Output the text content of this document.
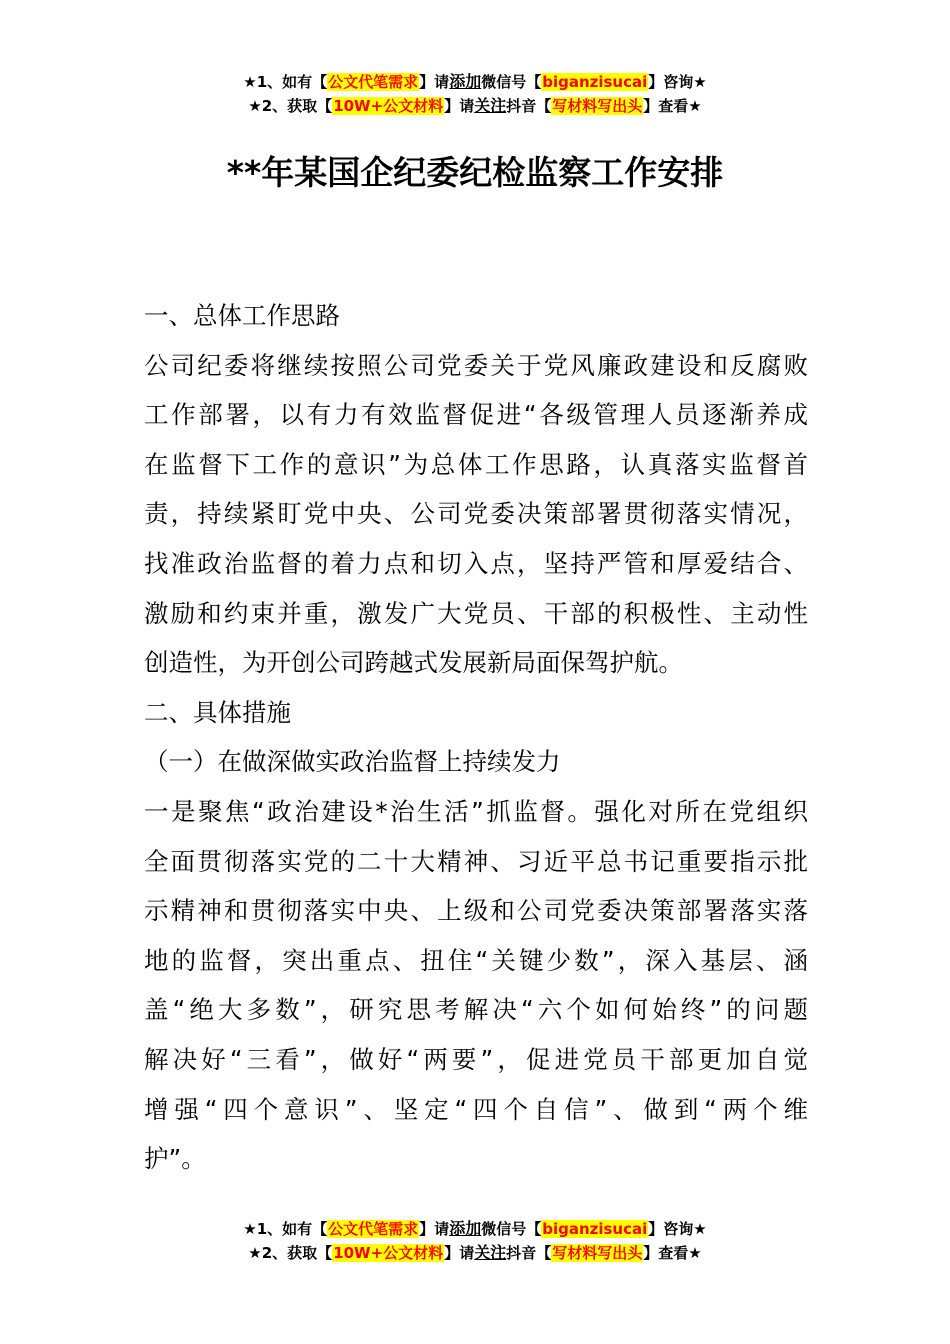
★1、如有【公文代笔需求】请添加微信号【biganzisucai】咨询★
★2、获取【10W+公文材料】请关注抖音【写材料写出头】查看★
**年某国企纪委纪检监察工作安排
一、总体工作思路
公司纪委将继续按照公司党委关于党风廉政建设和反腐败
工作部署，以有力有效监督促进“各级管理人员逐渐养成
在监督下工作的意识”为总体工作思路，认真落实监督首
责，持续紧盯党中央、公司党委决策部署贯彻落实情况，
找准政治监督的着力点和切入点，坚持严管和厚爱结合、
激励和约束并重，激发广大党员、干部的积极性、主动性
创造性，为开创公司跨越式发展新局面保驾护航。
二、具体措施
（一）在做深做实政治监督上持续发力
一是聚焦“政治建设*治生活”抓监督。强化对所在党组织
全面贯彻落实党的二十大精神、习近平总书记重要指示批
示精神和贯彻落实中央、上级和公司党委决策部署落实落
地的监督，突出重点、扭住“关键少数”，深入基层、涵
盖“绝大多数”，研究思考解决“六个如何始终”的问题
解决好“三看”，做好“两要”，促进党员干部更加自觉
增强“四个意识”、坚定“四个自信”、做到“两个维
护”。
★1、如有【公文代笔需求】请添加微信号【biganzisucai】咨询★
★2、获取【10W+公文材料】请关注抖音【写材料写出头】查看★
